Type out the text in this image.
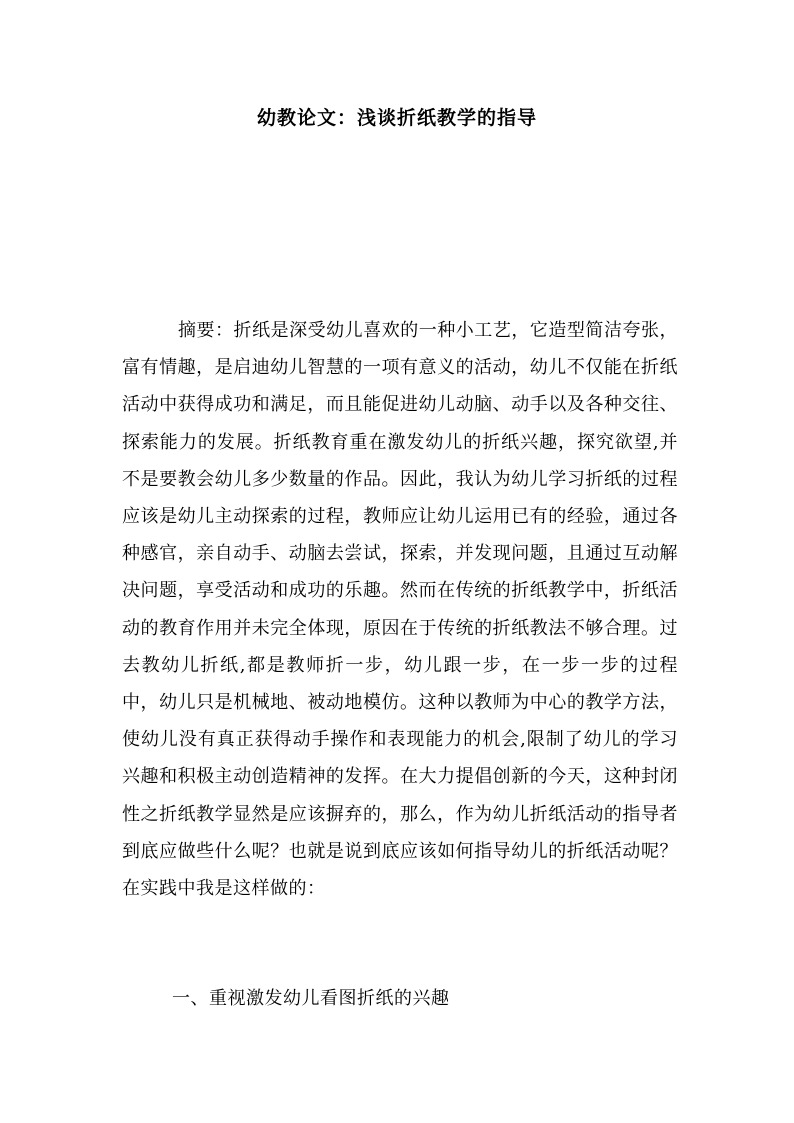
幼教论文：浅谈折纸教学的指导

摘要：折纸是深受幼儿喜欢的一种小工艺，它造型简洁夸张，富有情趣，是启迪幼儿智慧的一项有意义的活动，幼儿不仅能在折纸活动中获得成功和满足，而且能促进幼儿动脑、动手以及各种交往、探索能力的发展。折纸教育重在激发幼儿的折纸兴趣，探究欲望,并不是要教会幼儿多少数量的作品。因此，我认为幼儿学习折纸的过程应该是幼儿主动探索的过程，教师应让幼儿运用已有的经验，通过各种感官，亲自动手、动脑去尝试，探索，并发现问题，且通过互动解决问题，享受活动和成功的乐趣。然而在传统的折纸教学中，折纸活动的教育作用并未完全体现，原因在于传统的折纸教法不够合理。过去教幼儿折纸,都是教师折一步，幼儿跟一步，在一步一步的过程中，幼儿只是机械地、被动地模仿。这种以教师为中心的教学方法，使幼儿没有真正获得动手操作和表现能力的机会,限制了幼儿的学习兴趣和积极主动创造精神的发挥。在大力提倡创新的今天，这种封闭性之折纸教学显然是应该摒弃的，那么，作为幼儿折纸活动的指导者到底应做些什么呢？也就是说到底应该如何指导幼儿的折纸活动呢？在实践中我是这样做的：

一、重视激发幼儿看图折纸的兴趣
